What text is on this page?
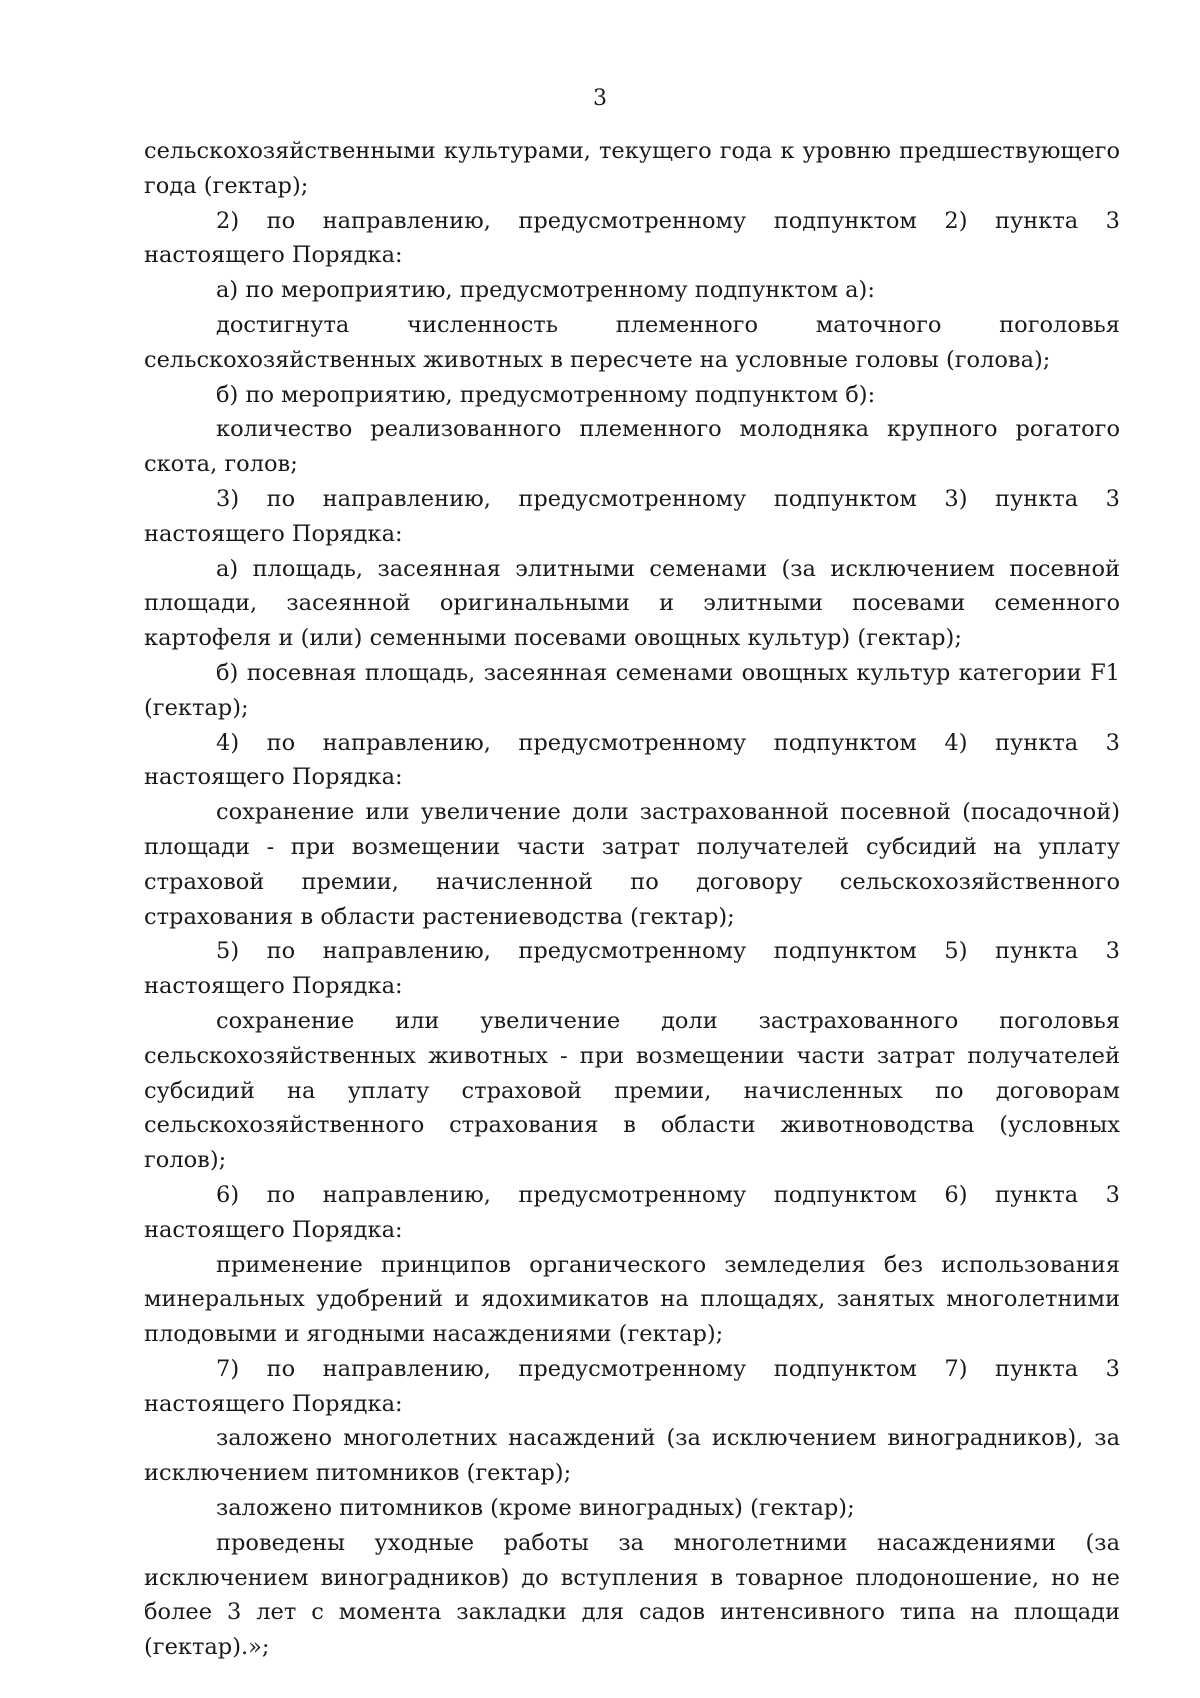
3

сельскохозяйственными культурами, текущего года к уровню предшествующего года (гектар);

2) по направлению, предусмотренному подпунктом 2) пункта 3 настоящего Порядка:

а) по мероприятию, предусмотренному подпунктом а):

достигнута численность племенного маточного поголовья сельскохозяйственных животных в пересчете на условные головы (голова);

б) по мероприятию, предусмотренному подпунктом б):

количество реализованного племенного молодняка крупного рогатого скота, голов;

3) по направлению, предусмотренному подпунктом 3) пункта 3 настоящего Порядка:

а) площадь, засеянная элитными семенами (за исключением посевной площади, засеянной оригинальными и элитными посевами семенного картофеля и (или) семенными посевами овощных культур) (гектар);

б) посевная площадь, засеянная семенами овощных культур категории F1 (гектар);

4) по направлению, предусмотренному подпунктом 4) пункта 3 настоящего Порядка:

сохранение или увеличение доли застрахованной посевной (посадочной) площади - при возмещении части затрат получателей субсидий на уплату страховой премии, начисленной по договору сельскохозяйственного страхования в области растениеводства (гектар);

5) по направлению, предусмотренному подпунктом 5) пункта 3 настоящего Порядка:

сохранение или увеличение доли застрахованного поголовья сельскохозяйственных животных - при возмещении части затрат получателей субсидий на уплату страховой премии, начисленных по договорам сельскохозяйственного страхования в области животноводства (условных голов);

6) по направлению, предусмотренному подпунктом 6) пункта 3 настоящего Порядка:

применение принципов органического земледелия без использования минеральных удобрений и ядохимикатов на площадях, занятых многолетними плодовыми и ягодными насаждениями (гектар);

7) по направлению, предусмотренному подпунктом 7) пункта 3 настоящего Порядка:

заложено многолетних насаждений (за исключением виноградников), за исключением питомников (гектар);

заложено питомников (кроме виноградных) (гектар);

проведены уходные работы за многолетними насаждениями (за исключением виноградников) до вступления в товарное плодоношение, но не более 3 лет с момента закладки для садов интенсивного типа на площади (гектар).»;
